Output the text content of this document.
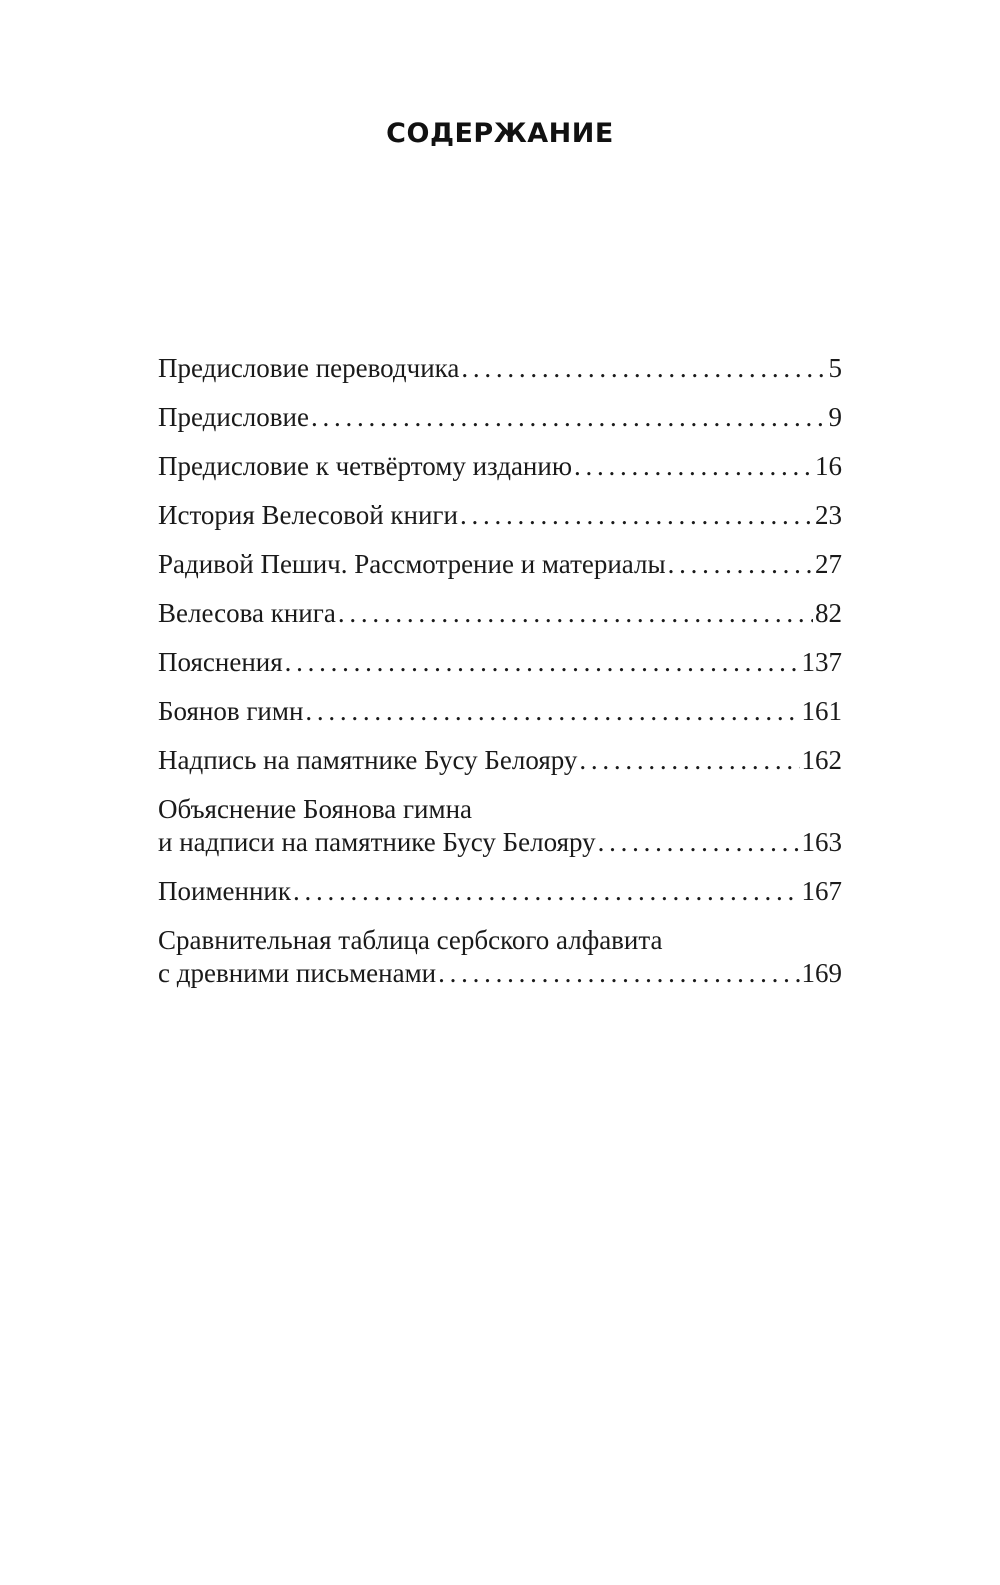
СОДЕРЖАНИЕ
Предисловие переводчика . . .	5
Предисловие . . .	9
Предисловие к четвёртому изданию . . .	16
История Велесовой книги . . .	23
Радивой Пешич. Рассмотрение и материалы . . .	27
Велесова книга . . .	82
Пояснения . . .	137
Боянов гимн . . .	161
Надпись на памятнике Бусу Белояру . . .	162
Объяснение Боянова гимна
и надписи на памятнике Бусу Белояру . . .	163
Поименник . . .	167
Сравнительная таблица сербского алфавита
с древними письменами . . .	169
